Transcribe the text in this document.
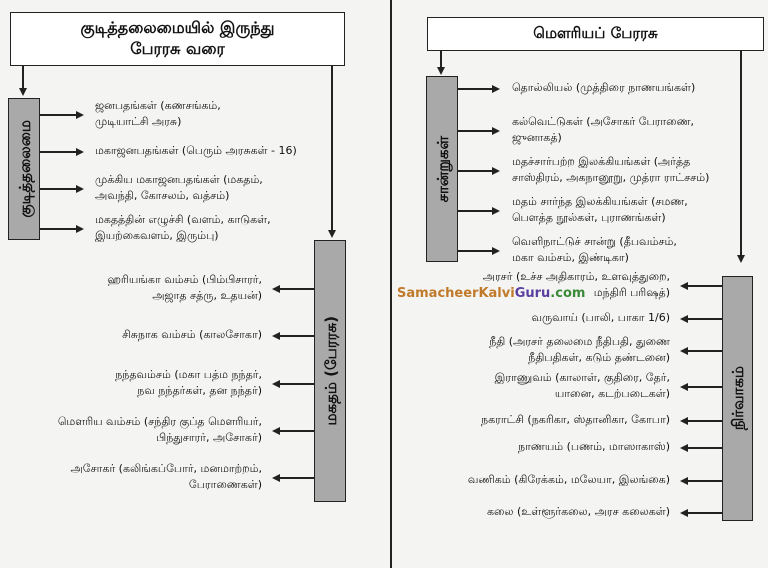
குடித்தலைமையில் இருந்து
பேரரசு வரை
குடித்தலைமை
மகதம் (பேரரசு)
ஜனபதங்கள் (கணசங்கம்,
முடியாட்சி அரசு)
மகாஜனபதங்கள் (பெரும் அரசுகள் - 16)
முக்கிய மகாஜனபதங்கள் (மகதம்,
அவந்தி, கோசலம், வத்சம்)
மகதத்தின் எழுச்சி (வளம், காடுகள்,
இயற்கைவளம், இரும்பு)
ஹரியங்கா வம்சம் (பிம்பிசாரர்,
அஜாத சத்ரு, உதயன்)
சிசுநாக வம்சம் (காலசோகா)
நந்தவம்சம் (மகா பத்ம நந்தர்,
நவ நந்தர்கள், தன நந்தர்)
மௌரிய வம்சம் (சந்திர குப்த மௌரியர்,
பிந்துசாரர், அசோகர்)
அசோகர் (கலிங்கப்போர், மனமாற்றம்,
பேராணைகள்)
தொல்லியல் (முத்திரை நாணயங்கள்)
கல்வெட்டுகள் (அசோகர் பேராணை,
ஜுனாகத்)
மதச்சார்பற்ற இலக்கியங்கள் (அர்த்த
சாஸ்திரம், அகநானூறு, முத்ரா ராட்சசம்)
மதம் சார்ந்த இலக்கியங்கள் (சமண,
பௌத்த நூல்கள், புராணங்கள்)
வெளிநாட்டுச் சான்று (தீபவம்சம்,
மகா வம்சம், இண்டிகா)
அரசர் (உச்ச அதிகாரம், உளவுத்துறை,
மந்திரி பரிஷத்)
வருவாய் (பாலி, பாகா 1/6)
நீதி (அரசர் தலைமை நீதிபதி, துணை
நீதிபதிகள், கடும் தண்டனை)
இராணுவம் (காலாள், குதிரை, தேர்,
யானை, கடற்படைகள்)
நகராட்சி (நகரிகா, ஸ்தானிகா, கோபா)
நாணயம் (பணம், மாஸாகாஸ்)
வணிகம் (கிரேக்கம், மலேயா, இலங்கை)
கலை (உள்ளூர்கலை, அரச கலைகள்)
மௌரியப் பேரரசு
சான்றுகள்
நிர்வாகம்
SamacheerKalviGuru.com
